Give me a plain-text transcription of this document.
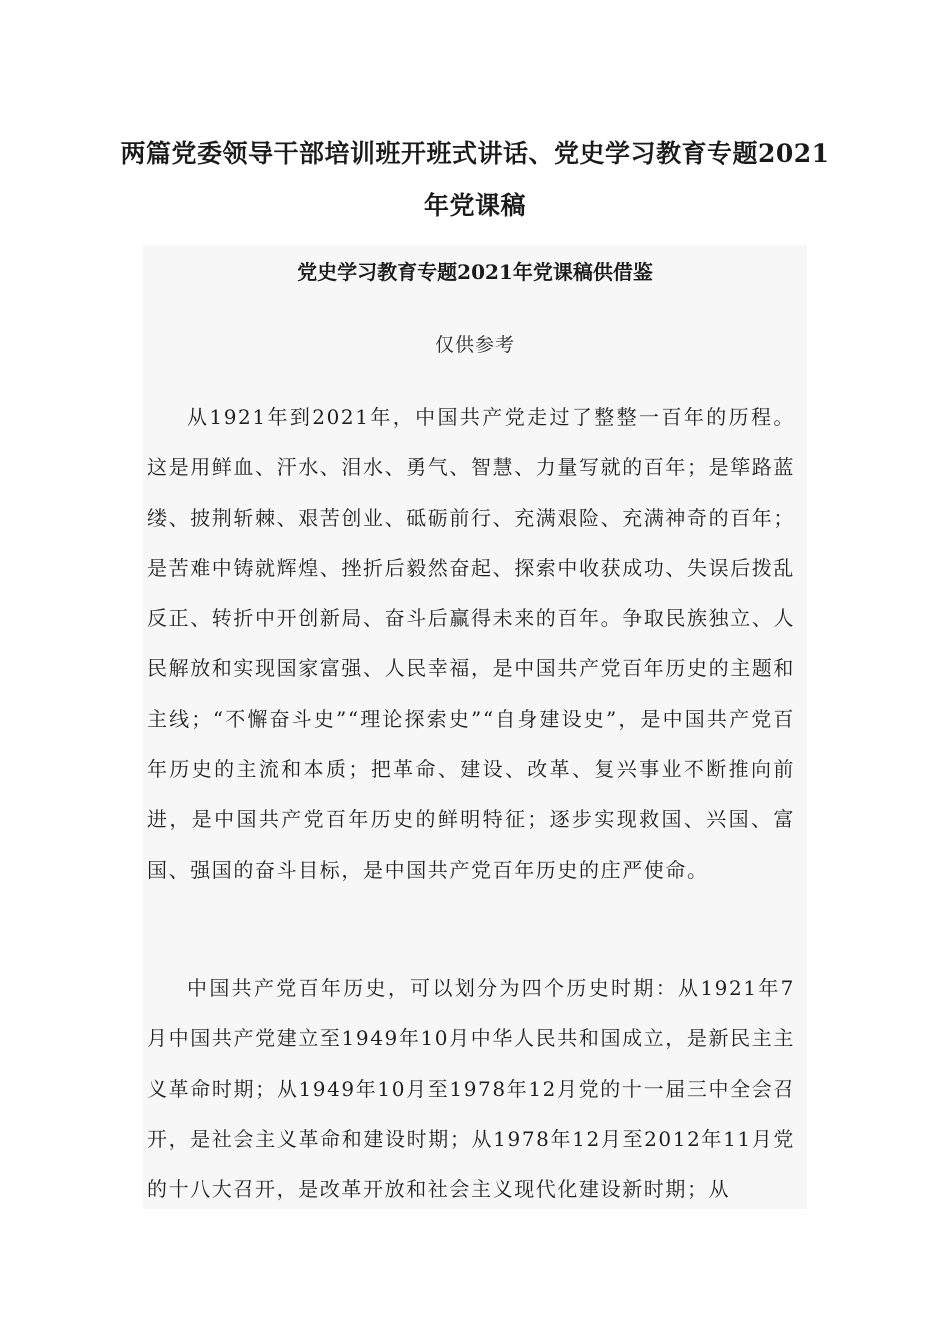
两篇党委领导干部培训班开班式讲话、党史学习教育专题2021年党课稿
党史学习教育专题2021年党课稿供借鉴
仅供参考

从1921年到2021年，中国共产党走过了整整一百年的历程。这是用鲜血、汗水、泪水、勇气、智慧、力量写就的百年；是筚路蓝缕、披荆斩棘、艰苦创业、砥砺前行、充满艰险、充满神奇的百年；是苦难中铸就辉煌、挫折后毅然奋起、探索中收获成功、失误后拨乱反正、转折中开创新局、奋斗后赢得未来的百年。争取民族独立、人民解放和实现国家富强、人民幸福，是中国共产党百年历史的主题和主线；“不懈奋斗史”“理论探索史”“自身建设史”，是中国共产党百年历史的主流和本质；把革命、建设、改革、复兴事业不断推向前进，是中国共产党百年历史的鲜明特征；逐步实现救国、兴国、富国、强国的奋斗目标，是中国共产党百年历史的庄严使命。

中国共产党百年历史，可以划分为四个历史时期：从1921年7月中国共产党建立至1949年10月中华人民共和国成立，是新民主主义革命时期；从1949年10月至1978年12月党的十一届三中全会召开，是社会主义革命和建设时期；从1978年12月至2012年11月党的十八大召开，是改革开放和社会主义现代化建设新时期；从
